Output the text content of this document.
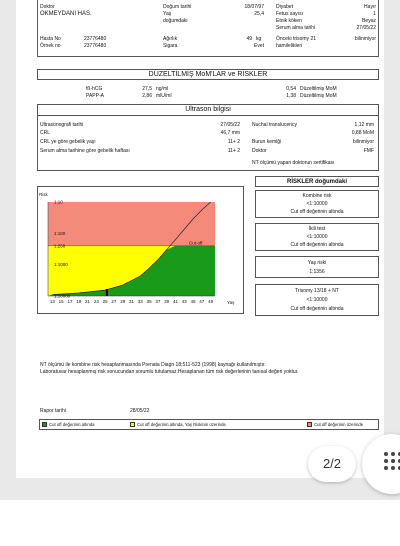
Doktor
OKMEYDANI HAS.
Doğum tarihi	18/07/97
Yaş	25,4
doğumdaki
Diyabet	Hayır
Fetus sayısı	1
Etnik köken	Beyaz
Serum alma tarihi	27/05/22
Hasta No	23776480
Örnek no	23776480
Ağırlık	49 kg
Sigara	Evet
Önceki trisomy 21
hamilelikleri
bilinmiyor
DÜZELTİLMİŞ MoM'LAR ve RİSKLER
fß-hCG	27,5 ng/ml	0,54 Düzeltilmiş MoM
PAPP-A	2,86 mlU/ml	1,38 Düzeltilmiş MoM
Ultrason bilgisi
Ultrasonografi tarihi	27/05/22
CRL	46,7 mm
CRL ye göre gebelik yaşı	11+ 2
Serum alma tarihine göre gebelik haftası	11+ 2
Nuchal translucency	1,12 mm
0,88 MoM
Burun kemiği	bilinmiyor
Doktor	FMF
NT ölçümü yapan doktorun sertifikası
Cut-off
1:10
1:100
1:250
1:1000
1:10000
Risk
13 15 17 19 21 23 25 27 29 31 33 35 37 39 41 43 45 47 49	Yaş
RİSKLER doğumdaki
Kombine risk
<1:10000
Cut off değerinin altında
İkili test
<1:10000
Cut off değerinin altında
Yaş riski
1:1356
Trisomy 13/18 + NT
<1:10000
Cut off değerinin altında
NT ölçümü ile kombine risk hesaplanmasında Prenata Diagn 18;511-523 (1998) kaynağı kullanılmıştır.
Laboratuvar hesaplanmış risk sonucundan sorumlu tutulamaz.Hesaplanan tüm risk değerlerinin tanısal değeri yoktur.
Rapor tarihi	28/05/22
Cut off değerinin altında	Cut off değerinin altında, Yaş Riskinin üzerinde	Cut off değerinin üzerinde
2/2
